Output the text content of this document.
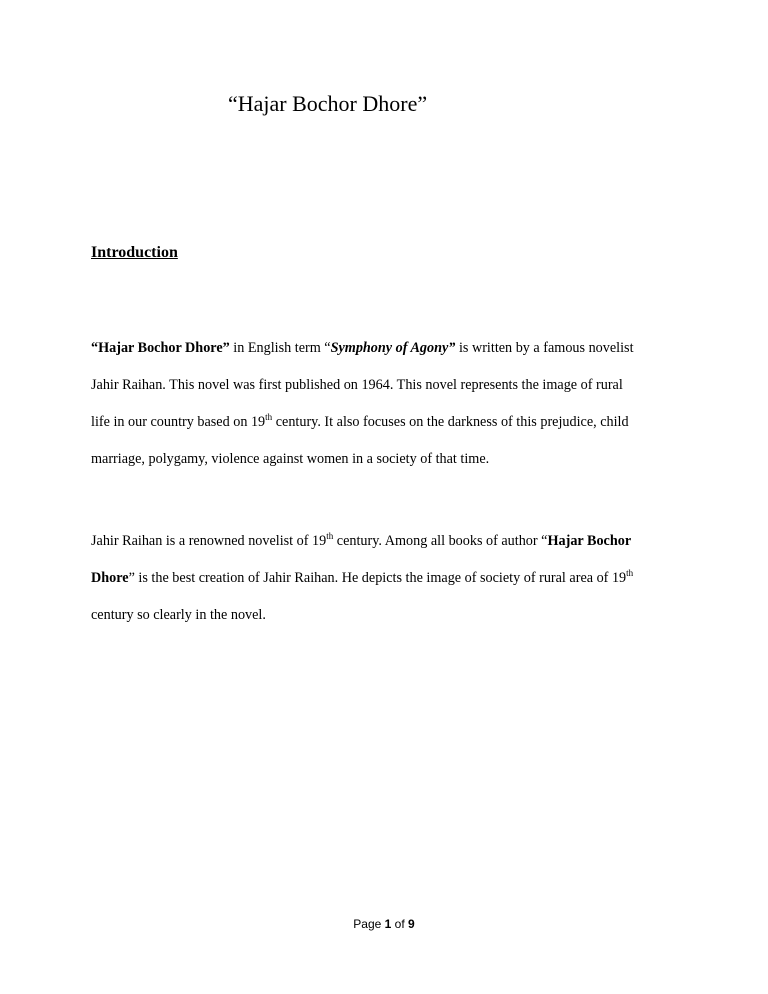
“Hajar Bochor Dhore”
Introduction
“Hajar Bochor Dhore” in English term “Symphony of Agony” is written by a famous novelist
Jahir Raihan. This novel was first published on 1964. This novel represents the image of rural
life in our country based on 19th century. It also focuses on the darkness of this prejudice, child
marriage, polygamy, violence against women in a society of that time.
Jahir Raihan is a renowned novelist of 19th century. Among all books of author “Hajar Bochor
Dhore” is the best creation of Jahir Raihan. He depicts the image of society of rural area of 19th
century so clearly in the novel.
Page 1 of 9
